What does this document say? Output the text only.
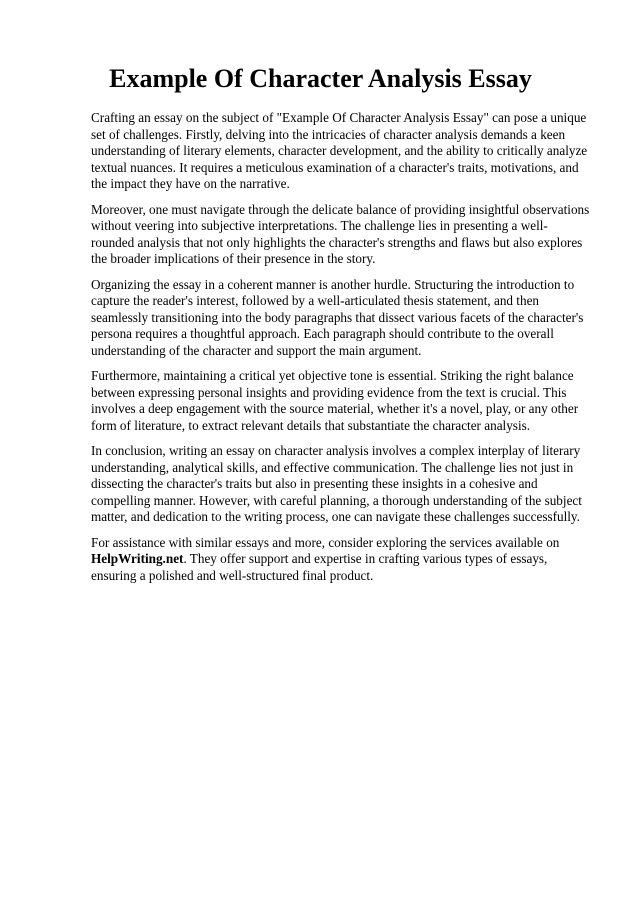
Example Of Character Analysis Essay

Crafting an essay on the subject of "Example Of Character Analysis Essay" can pose a unique set of challenges. Firstly, delving into the intricacies of character analysis demands a keen understanding of literary elements, character development, and the ability to critically analyze textual nuances. It requires a meticulous examination of a character's traits, motivations, and the impact they have on the narrative.

Moreover, one must navigate through the delicate balance of providing insightful observations without veering into subjective interpretations. The challenge lies in presenting a well-rounded analysis that not only highlights the character's strengths and flaws but also explores the broader implications of their presence in the story.

Organizing the essay in a coherent manner is another hurdle. Structuring the introduction to capture the reader's interest, followed by a well-articulated thesis statement, and then seamlessly transitioning into the body paragraphs that dissect various facets of the character's persona requires a thoughtful approach. Each paragraph should contribute to the overall understanding of the character and support the main argument.

Furthermore, maintaining a critical yet objective tone is essential. Striking the right balance between expressing personal insights and providing evidence from the text is crucial. This involves a deep engagement with the source material, whether it's a novel, play, or any other form of literature, to extract relevant details that substantiate the character analysis.

In conclusion, writing an essay on character analysis involves a complex interplay of literary understanding, analytical skills, and effective communication. The challenge lies not just in dissecting the character's traits but also in presenting these insights in a cohesive and compelling manner. However, with careful planning, a thorough understanding of the subject matter, and dedication to the writing process, one can navigate these challenges successfully.

For assistance with similar essays and more, consider exploring the services available on HelpWriting.net. They offer support and expertise in crafting various types of essays, ensuring a polished and well-structured final product.
